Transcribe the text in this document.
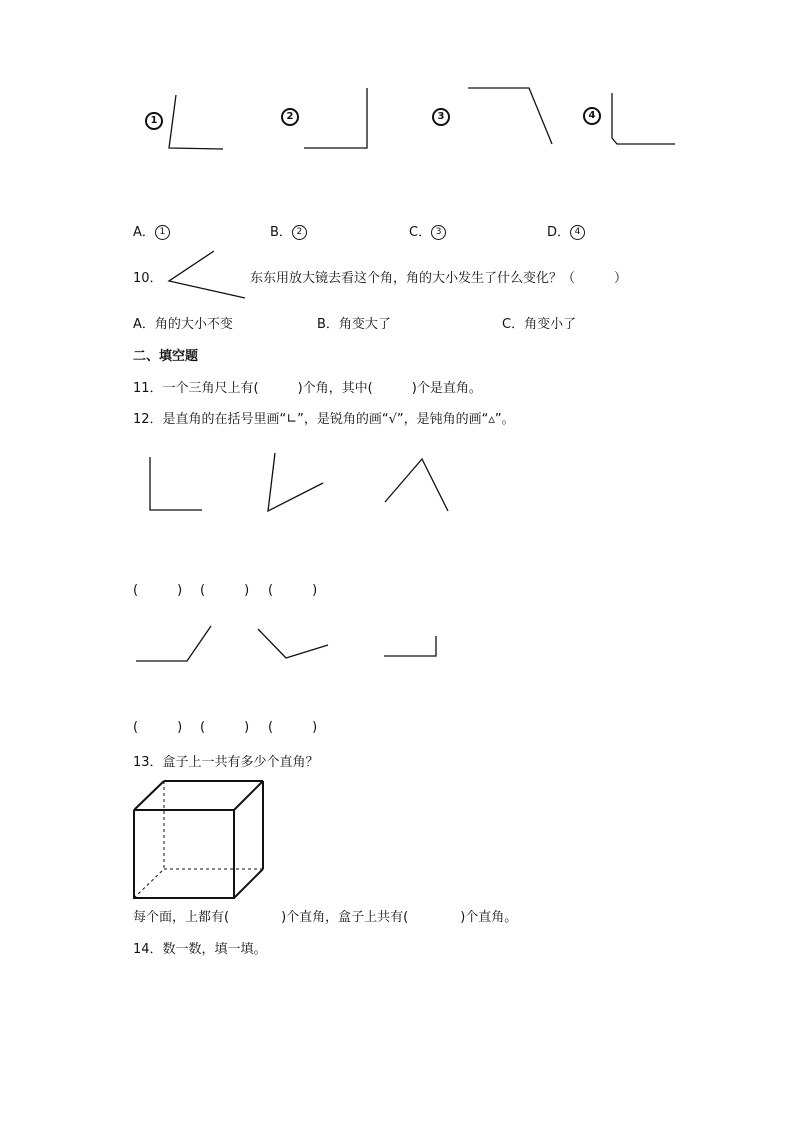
1	2	3	4
A． 1	B． 2	C． 3	D． 4
10．	东东用放大镜去看这个角，角的大小发生了什么变化？（　　　）
A．角的大小不变	B．角变大了	C．角变小了
二、填空题
11．一个三角尺上有(　　　)个角，其中(　　　)个是直角。
12．是直角的在括号里画“∟”，是锐角的画“√”，是钝角的画“▵”。
(　　　) (　　　) (　　　)
(　　　) (　　　) (　　　)
13．盒子上一共有多少个直角？
每个面，上都有(　　　　)个直角，盒子上共有(　　　　)个直角。
14．数一数，填一填。
